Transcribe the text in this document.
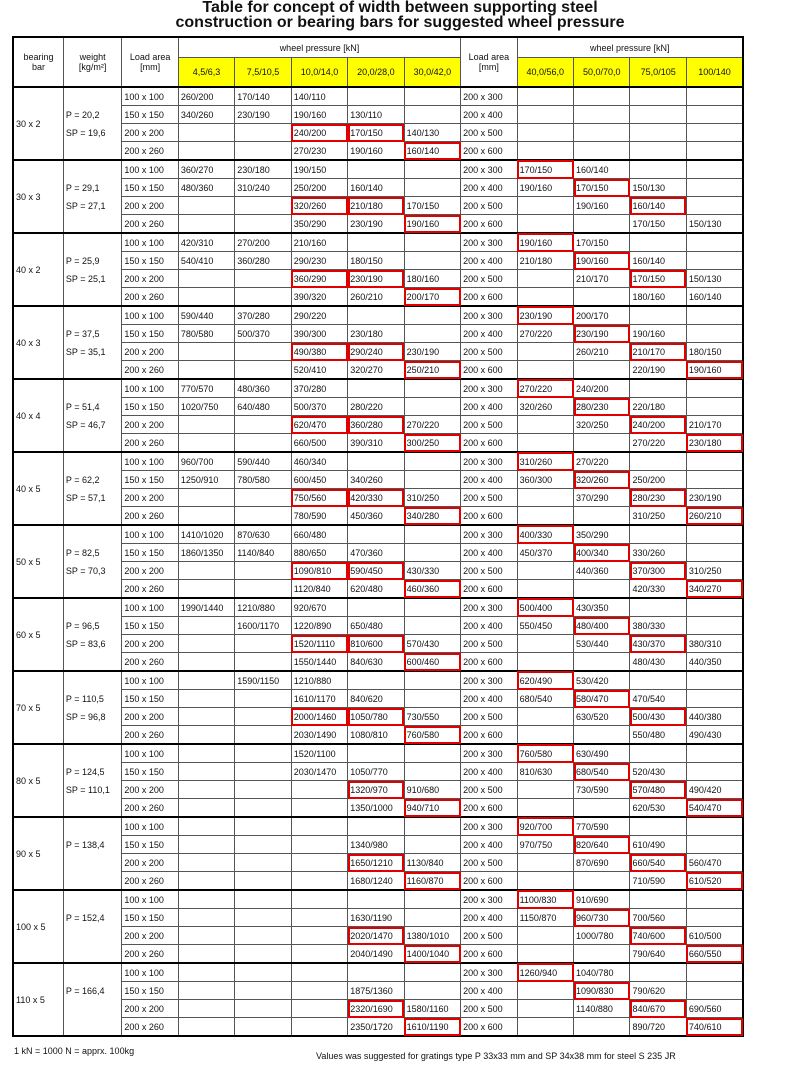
Table for concept of width between supporting steel
construction or bearing bars for suggested wheel pressure
bearing bar	weight [kg/m²]	Load area [mm]	wheel pressure [kN]					Load area [mm]	wheel pressure [kN]			
			4,5/6,3	7,5/10,5	10,0/14,0	20,0/28,0	30,0/42,0		40,0/56,0	50,0/70,0	75,0/105	100/140
30 x 2		100 x 100	260/200	170/140	140/110			200 x 300				
	P = 20,2	150 x 150	340/260	230/190	190/160	130/110		200 x 400				
	SP = 19,6	200 x 200			240/200	170/150	140/130	200 x 500				
		200 x 260			270/230	190/160	160/140	200 x 600				
30 x 3		100 x 100	360/270	230/180	190/150			200 x 300	170/150	160/140		
	P = 29,1	150 x 150	480/360	310/240	250/200	160/140		200 x 400	190/160	170/150	150/130	
	SP = 27,1	200 x 200			320/260	210/180	170/150	200 x 500		190/160	160/140	
		200 x 260			350/290	230/190	190/160	200 x 600			170/150	150/130
40 x 2		100 x 100	420/310	270/200	210/160			200 x 300	190/160	170/150		
	P = 25,9	150 x 150	540/410	360/280	290/230	180/150		200 x 400	210/180	190/160	160/140	
	SP = 25,1	200 x 200			360/290	230/190	180/160	200 x 500		210/170	170/150	150/130
		200 x 260			390/320	260/210	200/170	200 x 600			180/160	160/140
40 x 3		100 x 100	590/440	370/280	290/220			200 x 300	230/190	200/170		
	P = 37,5	150 x 150	780/580	500/370	390/300	230/180		200 x 400	270/220	230/190	190/160	
	SP = 35,1	200 x 200			490/380	290/240	230/190	200 x 500		260/210	210/170	180/150
		200 x 260			520/410	320/270	250/210	200 x 600			220/190	190/160
40 x 4		100 x 100	770/570	480/360	370/280			200 x 300	270/220	240/200		
	P = 51,4	150 x 150	1020/750	640/480	500/370	280/220		200 x 400	320/260	280/230	220/180	
	SP = 46,7	200 x 200			620/470	360/280	270/220	200 x 500		320/250	240/200	210/170
		200 x 260			660/500	390/310	300/250	200 x 600			270/220	230/180
40 x 5		100 x 100	960/700	590/440	460/340			200 x 300	310/260	270/220		
	P = 62,2	150 x 150	1250/910	780/580	600/450	340/260		200 x 400	360/300	320/260	250/200	
	SP = 57,1	200 x 200			750/560	420/330	310/250	200 x 500		370/290	280/230	230/190
		200 x 260			780/590	450/360	340/280	200 x 600			310/250	260/210
50 x 5		100 x 100	1410/1020	870/630	660/480			200 x 300	400/330	350/290		
	P = 82,5	150 x 150	1860/1350	1140/840	880/650	470/360		200 x 400	450/370	400/340	330/260	
	SP = 70,3	200 x 200			1090/810	590/450	430/330	200 x 500		440/360	370/300	310/250
		200 x 260			1120/840	620/480	460/360	200 x 600			420/330	340/270
60 x 5		100 x 100	1990/1440	1210/880	920/670			200 x 300	500/400	430/350		
	P = 96,5	150 x 150		1600/1170	1220/890	650/480		200 x 400	550/450	480/400	380/330	
	SP = 83,6	200 x 200			1520/1110	810/600	570/430	200 x 500		530/440	430/370	380/310
		200 x 260			1550/1440	840/630	600/460	200 x 600			480/430	440/350
70 x 5		100 x 100		1590/1150	1210/880			200 x 300	620/490	530/420		
	P = 110,5	150 x 150			1610/1170	840/620		200 x 400	680/540	580/470	470/540	
	SP = 96,8	200 x 200			2000/1460	1050/780	730/550	200 x 500		630/520	500/430	440/380
		200 x 260			2030/1490	1080/810	760/580	200 x 600			550/480	490/430
80 x 5		100 x 100			1520/1100			200 x 300	760/580	630/490		
	P = 124,5	150 x 150			2030/1470	1050/770		200 x 400	810/630	680/540	520/430	
	SP = 110,1	200 x 200				1320/970	910/680	200 x 500		730/590	570/480	490/420
		200 x 260				1350/1000	940/710	200 x 600			620/530	540/470
90 x 5		100 x 100						200 x 300	920/700	770/590		
	P = 138,4	150 x 150				1340/980		200 x 400	970/750	820/640	610/490	
		200 x 200				1650/1210	1130/840	200 x 500		870/690	660/540	560/470
		200 x 260				1680/1240	1160/870	200 x 600			710/590	610/520
100 x 5		100 x 100						200 x 300	1100/830	910/690		
	P = 152,4	150 x 150				1630/1190		200 x 400	1150/870	960/730	700/560	
		200 x 200				2020/1470	1380/1010	200 x 500		1000/780	740/600	610/500
		200 x 260				2040/1490	1400/1040	200 x 600			790/640	660/550
110 x 5		100 x 100						200 x 300	1260/940	1040/780		
	P = 166,4	150 x 150				1875/1360		200 x 400		1090/830	790/620	
		200 x 200				2320/1690	1580/1160	200 x 500		1140/880	840/670	690/560
		200 x 260				2350/1720	1610/1190	200 x 600			890/720	740/610
1 kN = 1000 N = apprx. 100kg	Values was suggested for gratings type P 33x33 mm and SP 34x38 mm for steel S 235 JR
